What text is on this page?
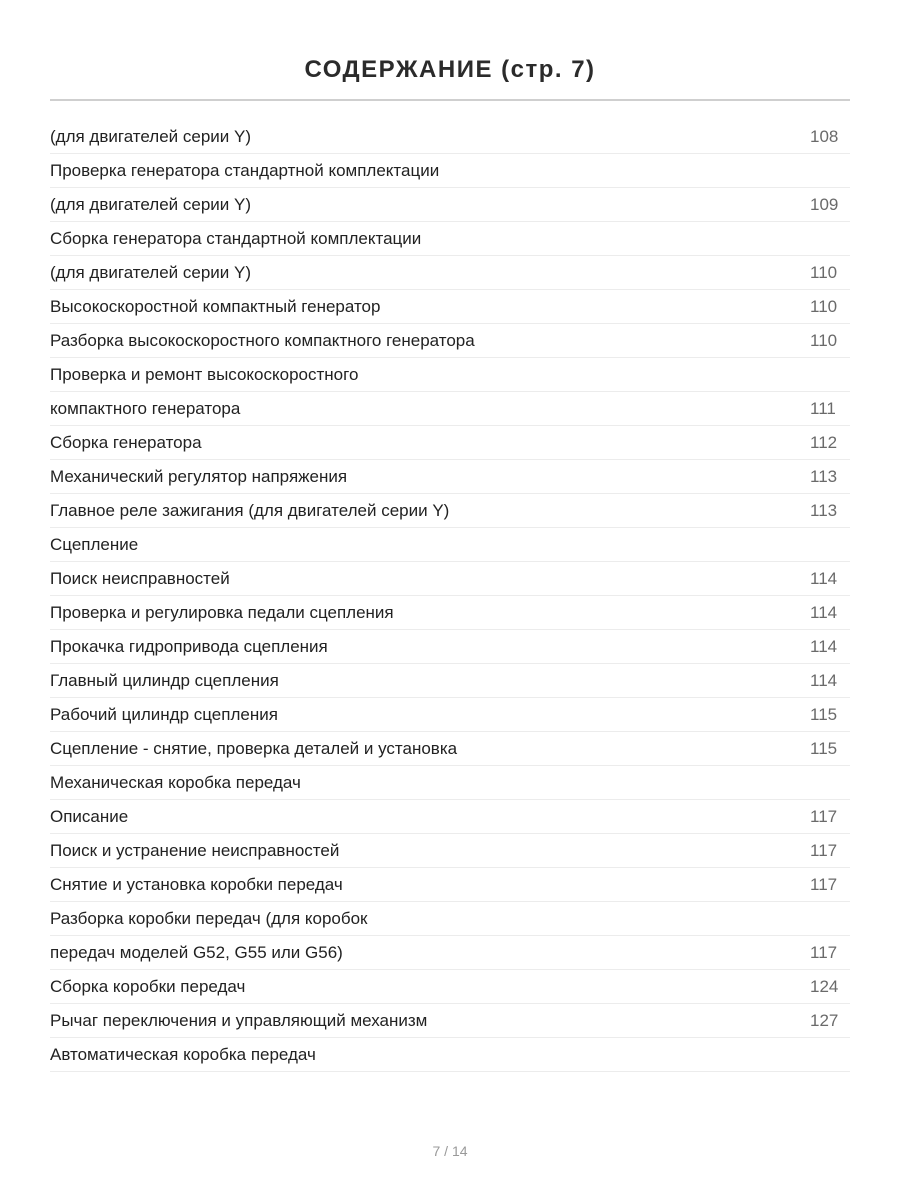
СОДЕРЖАНИЕ (стр. 7)
(для двигателей серии Y)	108
Проверка генератора стандартной комплектации
(для двигателей серии Y)	109
Сборка генератора стандартной комплектации
(для двигателей серии Y)	110
Высокоскоростной компактный генератор	110
Разборка высокоскоростного компактного генератора	110
Проверка и ремонт высокоскоростного
компактного генератора	111
Сборка генератора	112
Механический регулятор напряжения	113
Главное реле зажигания (для двигателей серии Y)	113
Сцепление
Поиск неисправностей	114
Проверка и регулировка педали сцепления	114
Прокачка гидропривода сцепления	114
Главный цилиндр сцепления	114
Рабочий цилиндр сцепления	115
Сцепление - снятие, проверка деталей и установка	115
Механическая коробка передач
Описание	117
Поиск и устранение неисправностей	117
Снятие и установка коробки передач	117
Разборка коробки передач (для коробок
передач моделей G52, G55 или G56)	117
Сборка коробки передач	124
Рычаг переключения и управляющий механизм	127
Автоматическая коробка передач
7 / 14
